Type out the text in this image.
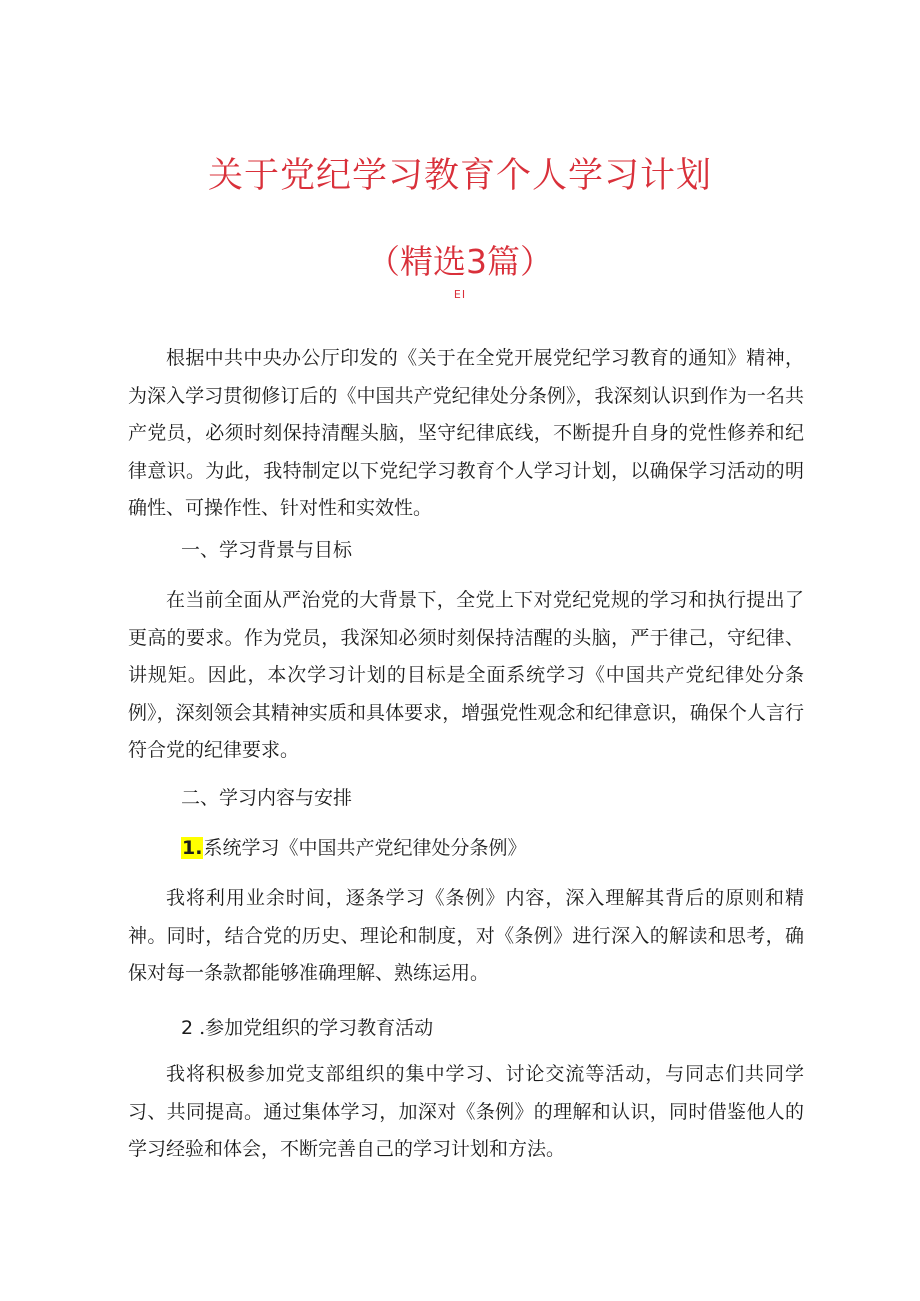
关于党纪学习教育个人学习计划
（精选3篇）
EI

根据中共中央办公厅印发的《关于在全党开展党纪学习教育的通知》精神，为深入学习贯彻修订后的《中国共产党纪律处分条例》，我深刻认识到作为一名共产党员，必须时刻保持清醒头脑，坚守纪律底线，不断提升自身的党性修养和纪律意识。为此，我特制定以下党纪学习教育个人学习计划，以确保学习活动的明确性、可操作性、针对性和实效性。

一、学习背景与目标

在当前全面从严治党的大背景下，全党上下对党纪党规的学习和执行提出了更高的要求。作为党员，我深知必须时刻保持洁醒的头脑，严于律己，守纪律、讲规矩。因此，本次学习计划的目标是全面系统学习《中国共产党纪律处分条例》，深刻领会其精神实质和具体要求，增强党性观念和纪律意识，确保个人言行符合党的纪律要求。

二、学习内容与安排

1.系统学习《中国共产党纪律处分条例》

我将利用业余时间，逐条学习《条例》内容，深入理解其背后的原则和精神。同时，结合党的历史、理论和制度，对《条例》进行深入的解读和思考，确保对每一条款都能够准确理解、熟练运用。

2 .参加党组织的学习教育活动

我将积极参加党支部组织的集中学习、讨论交流等活动，与同志们共同学习、共同提高。通过集体学习，加深对《条例》的理解和认识，同时借鉴他人的学习经验和体会，不断完善自己的学习计划和方法。
